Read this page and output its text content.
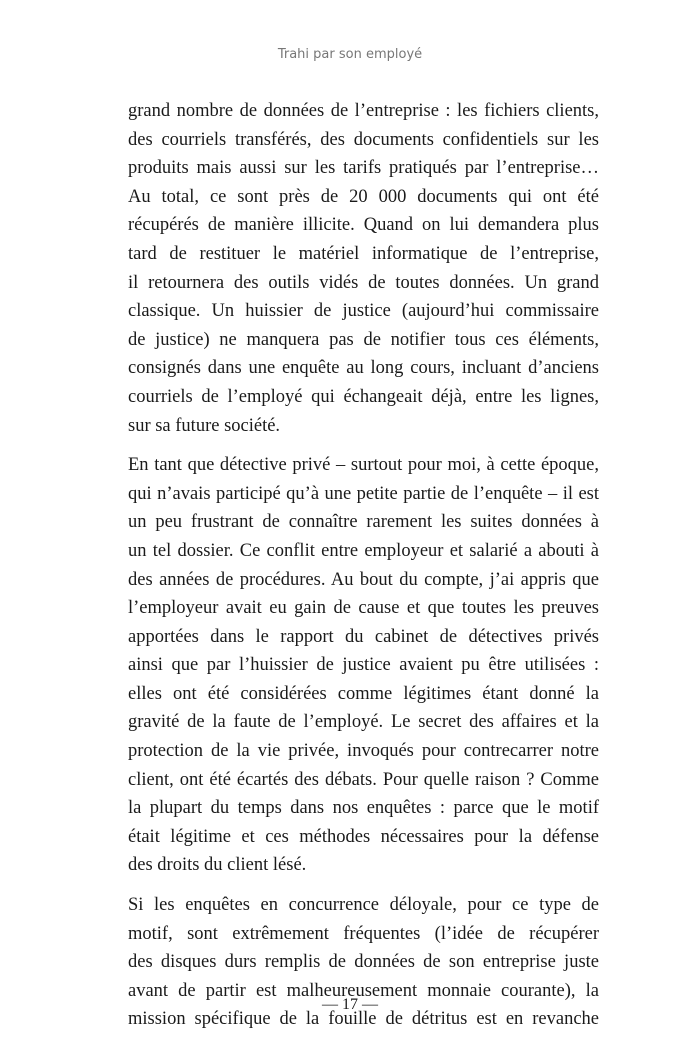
Trahi par son employé
grand nombre de données de l’entreprise : les fichiers clients,
des courriels transférés, des documents confidentiels sur les
produits mais aussi sur les tarifs pratiqués par l’entreprise…
Au total, ce sont près de 20 000 documents qui ont été
récupérés de manière illicite. Quand on lui demandera plus
tard de restituer le matériel informatique de l’entreprise,
il retournera des outils vidés de toutes données. Un grand
classique. Un huissier de justice (aujourd’hui commissaire
de justice) ne manquera pas de notifier tous ces éléments,
consignés dans une enquête au long cours, incluant d’anciens
courriels de l’employé qui échangeait déjà, entre les lignes,
sur sa future société.
En tant que détective privé – surtout pour moi, à cette époque,
qui n’avais participé qu’à une petite partie de l’enquête – il est
un peu frustrant de connaître rarement les suites données à
un tel dossier. Ce conflit entre employeur et salarié a abouti à
des années de procédures. Au bout du compte, j’ai appris que
l’employeur avait eu gain de cause et que toutes les preuves
apportées dans le rapport du cabinet de détectives privés
ainsi que par l’huissier de justice avaient pu être utilisées :
elles ont été considérées comme légitimes étant donné la
gravité de la faute de l’employé. Le secret des affaires et la
protection de la vie privée, invoqués pour contrecarrer notre
client, ont été écartés des débats. Pour quelle raison ? Comme
la plupart du temps dans nos enquêtes : parce que le motif
était légitime et ces méthodes nécessaires pour la défense
des droits du client lésé.
Si les enquêtes en concurrence déloyale, pour ce type de
motif, sont extrêmement fréquentes (l’idée de récupérer
des disques durs remplis de données de son entreprise juste
avant de partir est malheureusement monnaie courante), la
mission spécifique de la fouille de détritus est en revanche
— 17 —
